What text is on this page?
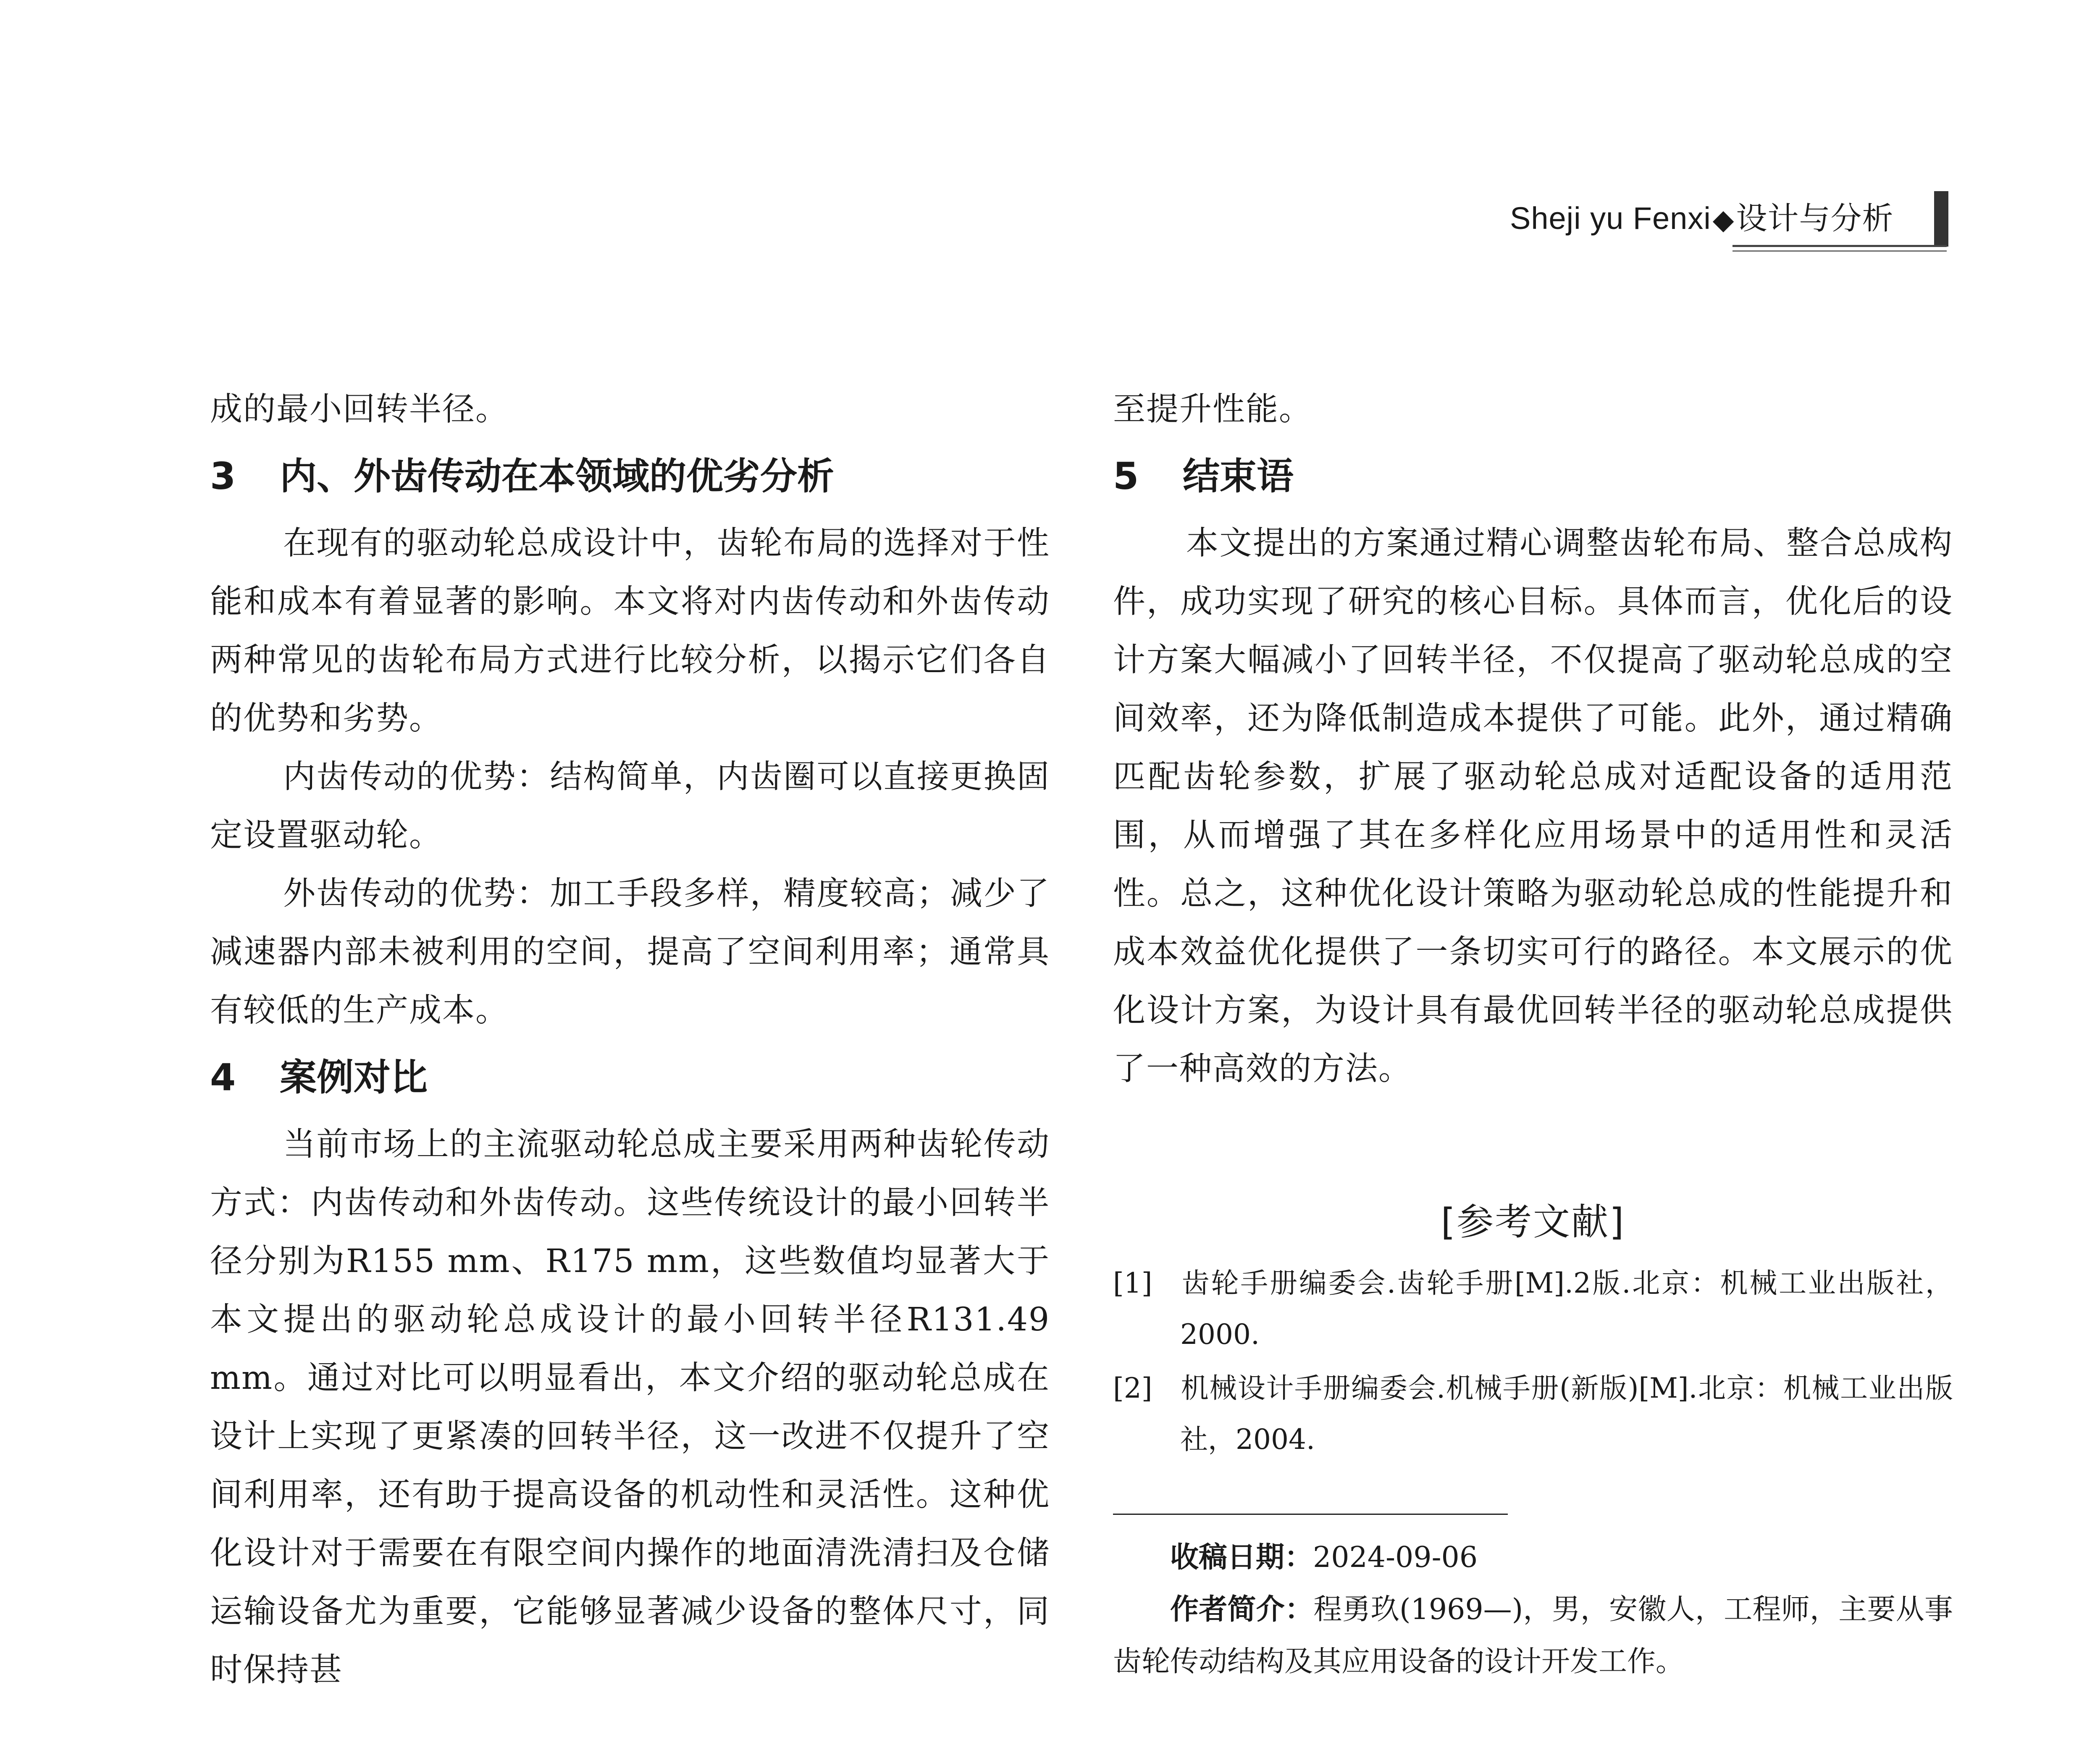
Sheji yu Fenxi◆设计与分析

成的最小回转半径。

3 内、外齿传动在本领域的优劣分析

在现有的驱动轮总成设计中，齿轮布局的选择对于性能和成本有着显著的影响。本文将对内齿传动和外齿传动两种常见的齿轮布局方式进行比较分析，以揭示它们各自的优势和劣势。

内齿传动的优势：结构简单，内齿圈可以直接更换固定设置驱动轮。

外齿传动的优势：加工手段多样，精度较高；减少了减速器内部未被利用的空间，提高了空间利用率；通常具有较低的生产成本。

4 案例对比

当前市场上的主流驱动轮总成主要采用两种齿轮传动方式：内齿传动和外齿传动。这些传统设计的最小回转半径分别为R155 mm、R175 mm，这些数值均显著大于本文提出的驱动轮总成设计的最小回转半径R131.49 mm。通过对比可以明显看出，本文介绍的驱动轮总成在设计上实现了更紧凑的回转半径，这一改进不仅提升了空间利用率，还有助于提高设备的机动性和灵活性。这种优化设计对于需要在有限空间内操作的地面清洗清扫及仓储运输设备尤为重要，它能够显著减少设备的整体尺寸，同时保持甚

至提升性能。

5 结束语

本文提出的方案通过精心调整齿轮布局、整合总成构件，成功实现了研究的核心目标。具体而言，优化后的设计方案大幅减小了回转半径，不仅提高了驱动轮总成的空间效率，还为降低制造成本提供了可能。此外，通过精确匹配齿轮参数，扩展了驱动轮总成对适配设备的适用范围，从而增强了其在多样化应用场景中的适用性和灵活性。总之，这种优化设计策略为驱动轮总成的性能提升和成本效益优化提供了一条切实可行的路径。本文展示的优化设计方案，为设计具有最优回转半径的驱动轮总成提供了一种高效的方法。

[参考文献]

[1] 齿轮手册编委会.齿轮手册[M].2版.北京：机械工业出版社，2000.

[2] 机械设计手册编委会.机械手册(新版)[M].北京：机械工业出版社，2004.

收稿日期：2024-09-06

作者简介：程勇玖(1969—)，男，安徽人，工程师，主要从事齿轮传动结构及其应用设备的设计开发工作。
